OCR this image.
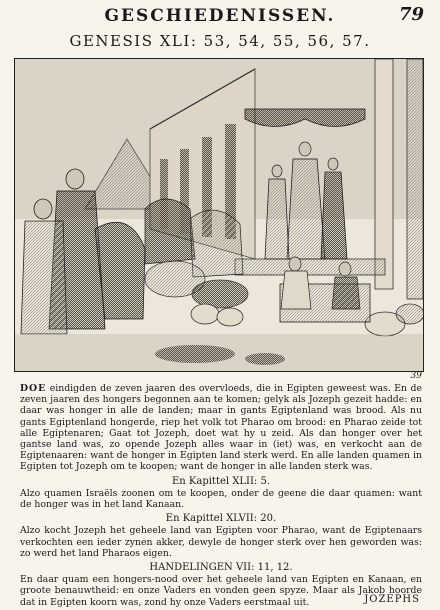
GESCHIEDENISSEN.	79
GENESIS XLI: 53, 54, 55, 56, 57.
39

DOE eindigden de zeven jaaren des overvloeds, die in Egipten geweest was. En de zeven jaaren des hongers begonnen aan te komen; gelyk als Jozeph gezeit hadde: en daar was honger in alle de landen; maar in gants Egiptenland was brood. Als nu gants Egiptenland hongerde, riep het volk tot Pharao om brood: en Pharao zeide tot alle Egiptenaren; Gaat tot Jozeph, doet wat hy u zeid. Als dan honger over het gantse land was, zo opende Jozeph alles waar in (iet) was, en verkocht aan de Egiptenaaren: want de honger in Egipten land sterk werd. En alle landen quamen in Egipten tot Jozeph om te koopen; want de honger in alle landen sterk was.

En Kapittel XLII: 5.

Alzo quamen Israëls zoonen om te koopen, onder de geene die daar quamen: want de honger was in het land Kanaan.

En Kapittel XLVII: 20.

Alzo kocht Jozeph het geheele land van Egipten voor Pharao, want de Egiptenaars verkochten een ieder zynen akker, dewyle de honger sterk over hen geworden was: zo werd het land Pharaos eigen.

HANDELINGEN VII: 11, 12.

En daar quam een hongers-nood over het geheele land van Egipten en Kanaan, en groote benauwtheid: en onze Vaders en vonden geen spyze. Maar als Jakob hoorde dat in Egipten koorn was, zond hy onze Vaders eerstmaal uit.	JOZEPHS
